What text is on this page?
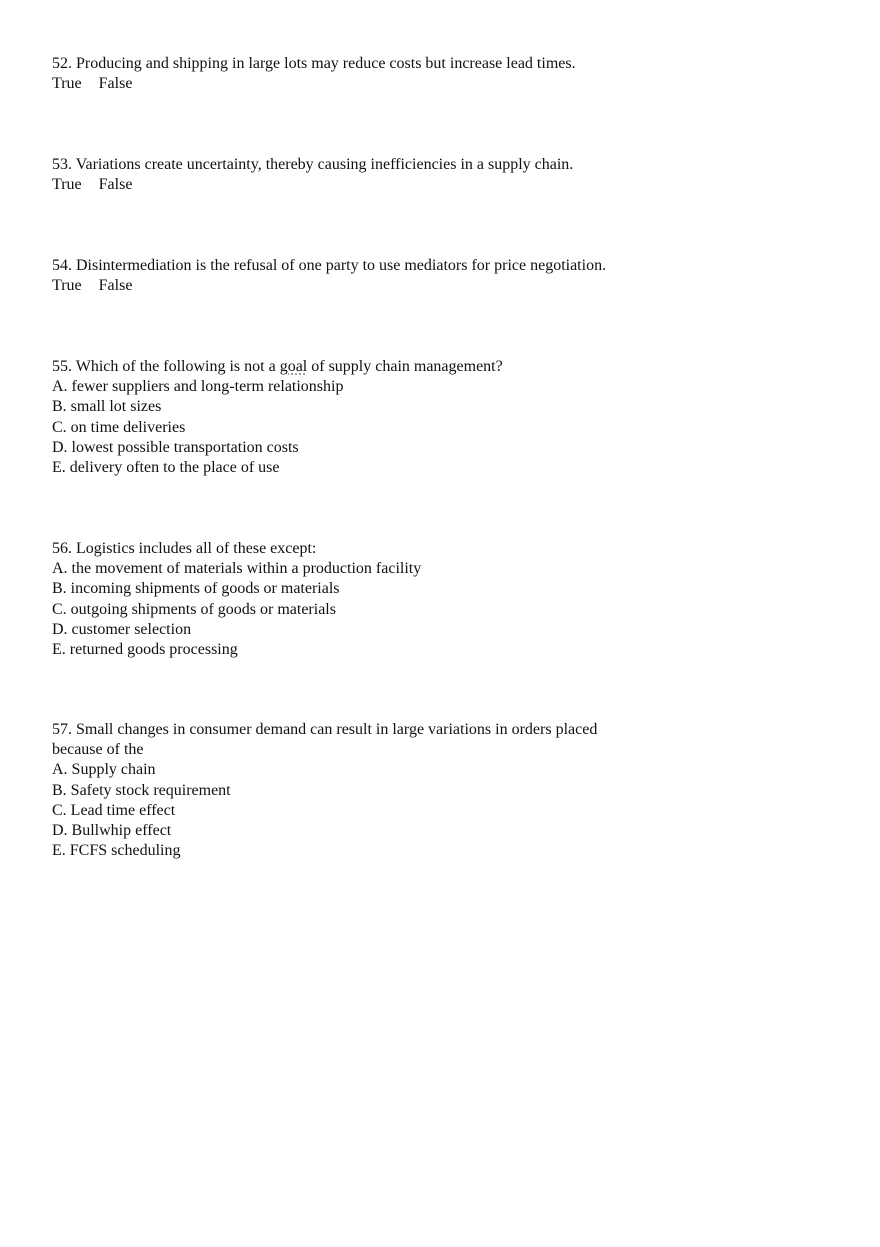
52. Producing and shipping in large lots may reduce costs but increase lead times.
True False
53. Variations create uncertainty, thereby causing inefficiencies in a supply chain.
True False
54. Disintermediation is the refusal of one party to use mediators for price negotiation.
True False
55. Which of the following is not a goal of supply chain management?
A. fewer suppliers and long-term relationship
B. small lot sizes
C. on time deliveries
D. lowest possible transportation costs
E. delivery often to the place of use
56. Logistics includes all of these except:
A. the movement of materials within a production facility
B. incoming shipments of goods or materials
C. outgoing shipments of goods or materials
D. customer selection
E. returned goods processing
57. Small changes in consumer demand can result in large variations in orders placed
because of the
A. Supply chain
B. Safety stock requirement
C. Lead time effect
D. Bullwhip effect
E. FCFS scheduling
